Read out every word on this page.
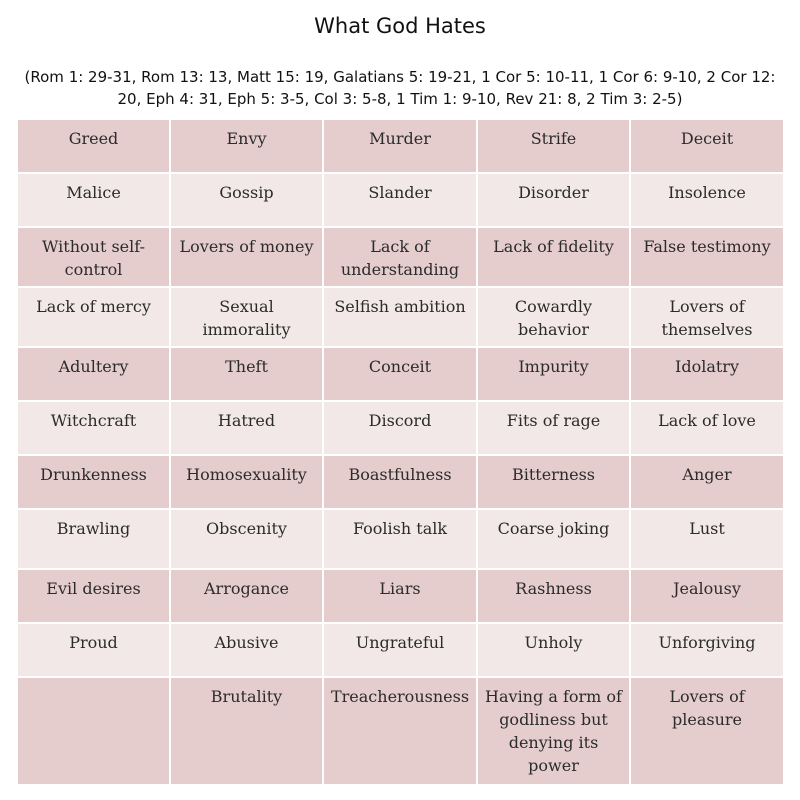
What God Hates
(Rom 1: 29-31, Rom 13: 13, Matt 15: 19, Galatians 5: 19-21, 1 Cor 5: 10-11, 1 Cor 6: 9-10, 2 Cor 12: 20, Eph 4: 31, Eph 5: 3-5, Col 3: 5-8, 1 Tim 1: 9-10, Rev 21: 8, 2 Tim 3: 2-5)
Greed	Envy	Murder	Strife	Deceit
Malice	Gossip	Slander	Disorder	Insolence
Without self-control	Lovers of money	Lack of understanding	Lack of fidelity	False testimony
Lack of mercy	Sexual immorality	Selfish ambition	Cowardly behavior	Lovers of themselves
Adultery	Theft	Conceit	Impurity	Idolatry
Witchcraft	Hatred	Discord	Fits of rage	Lack of love
Drunkenness	Homosexuality	Boastfulness	Bitterness	Anger
Brawling	Obscenity	Foolish talk	Coarse joking	Lust
Evil desires	Arrogance	Liars	Rashness	Jealousy
Proud	Abusive	Ungrateful	Unholy	Unforgiving
	Brutality	Treacherousness	Having a form of godliness but denying its power	Lovers of pleasure
